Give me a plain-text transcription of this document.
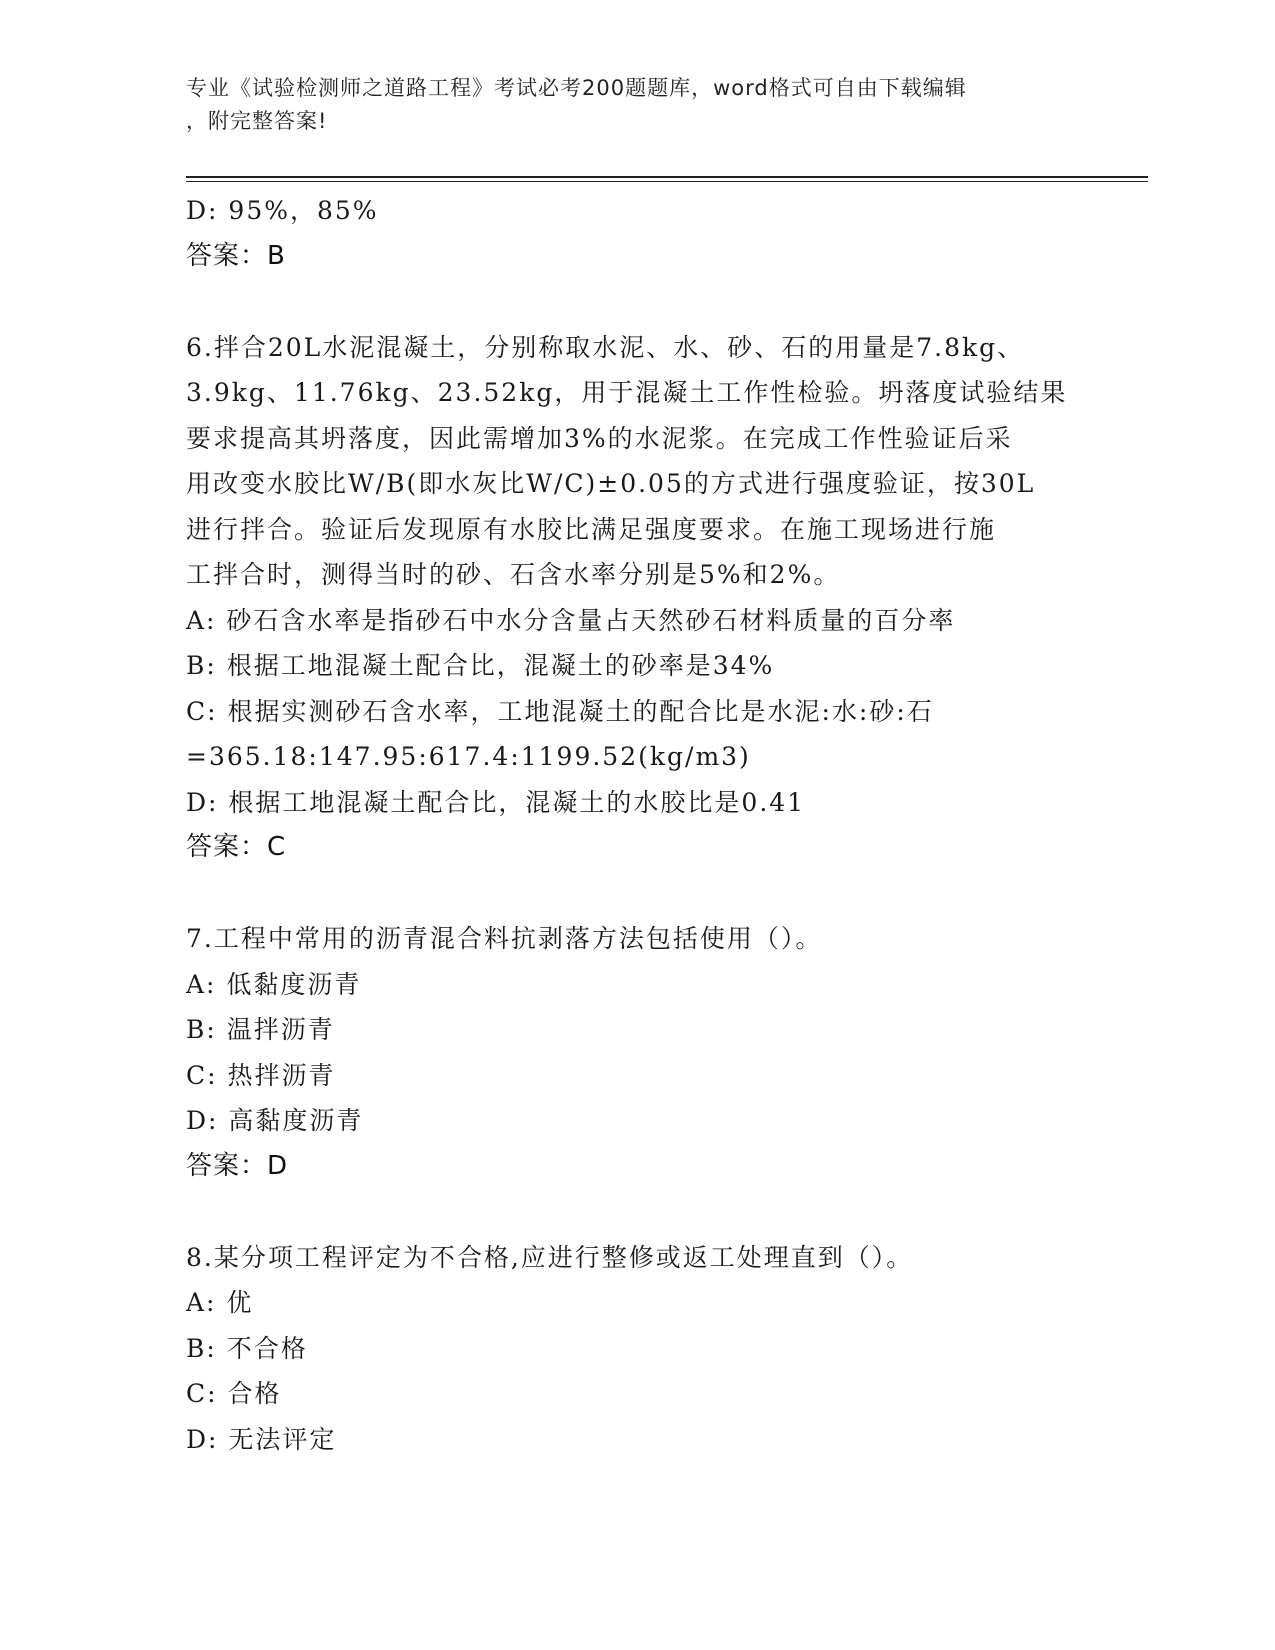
专业《试验检测师之道路工程》考试必考200题题库，word格式可自由下载编辑
，附完整答案!
D: 95%，85%
答案：B
6.拌合20L水泥混凝土，分别称取水泥、水、砂、石的用量是7.8kg、
3.9kg、11.76kg、23.52kg，用于混凝土工作性检验。坍落度试验结果
要求提高其坍落度，因此需增加3%的水泥浆。在完成工作性验证后采
用改变水胶比W/B(即水灰比W/C)±0.05的方式进行强度验证，按30L
进行拌合。验证后发现原有水胶比满足强度要求。在施工现场进行施
工拌合时，测得当时的砂、石含水率分别是5%和2%。
A: 砂石含水率是指砂石中水分含量占天然砂石材料质量的百分率
B: 根据工地混凝土配合比，混凝土的砂率是34%
C: 根据实测砂石含水率，工地混凝土的配合比是水泥:水:砂:石
=365.18:147.95:617.4:1199.52(kg/m3)
D: 根据工地混凝土配合比，混凝土的水胶比是0.41
答案：C
7.工程中常用的沥青混合料抗剥落方法包括使用（）。
A: 低黏度沥青
B: 温拌沥青
C: 热拌沥青
D: 高黏度沥青
答案：D
8.某分项工程评定为不合格,应进行整修或返工处理直到（）。
A: 优
B: 不合格
C: 合格
D: 无法评定
